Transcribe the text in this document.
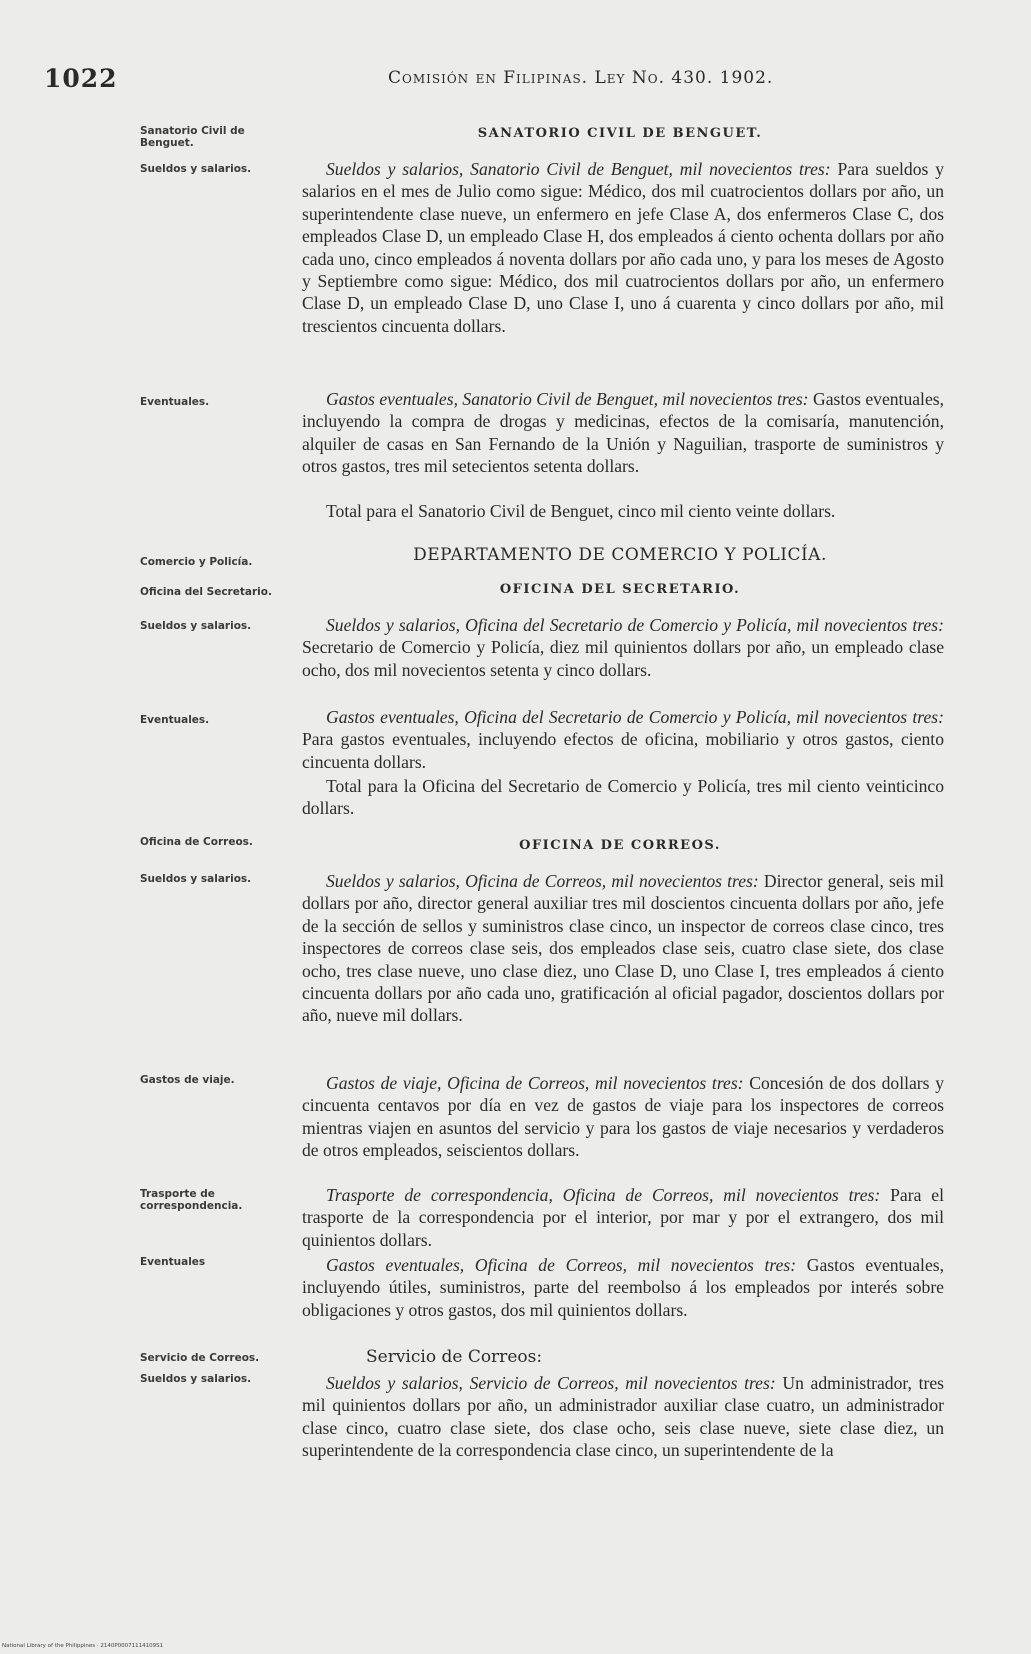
1022	Comisión en Filipinas. Ley No. 430. 1902.
Sanatorio Civil de Benguet.
Sueldos y salarios.
Eventuales.
Comercio y Policía.
Oficina del Secretario.
Sueldos y salarios.
Eventuales.
Oficina de Correos.
Sueldos y salarios.
Gastos de viaje.
Trasporte de correspondencia.
Eventuales
Servicio de Correos.
Sueldos y salarios.
SANATORIO CIVIL DE BENGUET.
DEPARTAMENTO DE COMERCIO Y POLICÍA.
OFICINA DEL SECRETARIO.
OFICINA DE CORREOS.
Servicio de Correos:
Sueldos y salarios, Sanatorio Civil de Benguet, mil novecientos tres: Para sueldos y salarios en el mes de Julio como sigue: Médico, dos mil cuatrocientos dollars por año, un superintendente clase nueve, un enfermero en jefe Clase A, dos enfermeros Clase C, dos empleados Clase D, un empleado Clase H, dos empleados á ciento ochenta dollars por año cada uno, cinco empleados á noventa dollars por año cada uno, y para los meses de Agosto y Septiembre como sigue: Médico, dos mil cuatrocientos dollars por año, un enfermero Clase D, un empleado Clase D, uno Clase I, uno á cuarenta y cinco dollars por año, mil trescientos cincuenta dollars.
Gastos eventuales, Sanatorio Civil de Benguet, mil novecientos tres: Gastos eventuales, incluyendo la compra de drogas y medicinas, efectos de la comisaría, manutención, alquiler de casas en San Fernando de la Unión y Naguilian, trasporte de suministros y otros gastos, tres mil setecientos setenta dollars.
Total para el Sanatorio Civil de Benguet, cinco mil ciento veinte dollars.
Sueldos y salarios, Oficina del Secretario de Comercio y Policía, mil novecientos tres: Secretario de Comercio y Policía, diez mil quinientos dollars por año, un empleado clase ocho, dos mil novecientos setenta y cinco dollars.
Gastos eventuales, Oficina del Secretario de Comercio y Policía, mil novecientos tres: Para gastos eventuales, incluyendo efectos de oficina, mobiliario y otros gastos, ciento cincuenta dollars.
Total para la Oficina del Secretario de Comercio y Policía, tres mil ciento veinticinco dollars.
Sueldos y salarios, Oficina de Correos, mil novecientos tres: Director general, seis mil dollars por año, director general auxiliar tres mil doscientos cincuenta dollars por año, jefe de la sección de sellos y suministros clase cinco, un inspector de correos clase cinco, tres inspectores de correos clase seis, dos empleados clase seis, cuatro clase siete, dos clase ocho, tres clase nueve, uno clase diez, uno Clase D, uno Clase I, tres empleados á ciento cincuenta dollars por año cada uno, gratificación al oficial pagador, doscientos dollars por año, nueve mil dollars.
Gastos de viaje, Oficina de Correos, mil novecientos tres: Concesión de dos dollars y cincuenta centavos por día en vez de gastos de viaje para los inspectores de correos mientras viajen en asuntos del servicio y para los gastos de viaje necesarios y verdaderos de otros empleados, seiscientos dollars.
Trasporte de correspondencia, Oficina de Correos, mil novecientos tres: Para el trasporte de la correspondencia por el interior, por mar y por el extrangero, dos mil quinientos dollars.
Gastos eventuales, Oficina de Correos, mil novecientos tres: Gastos eventuales, incluyendo útiles, suministros, parte del reembolso á los empleados por interés sobre obligaciones y otros gastos, dos mil quinientos dollars.
Sueldos y salarios, Servicio de Correos, mil novecientos tres: Un administrador, tres mil quinientos dollars por año, un administrador auxiliar clase cuatro, un administrador clase cinco, cuatro clase siete, dos clase ocho, seis clase nueve, siete clase diez, un superintendente de la correspondencia clase cinco, un superintendente de la
National Library of the Philippines · 2140P00071114109S1
